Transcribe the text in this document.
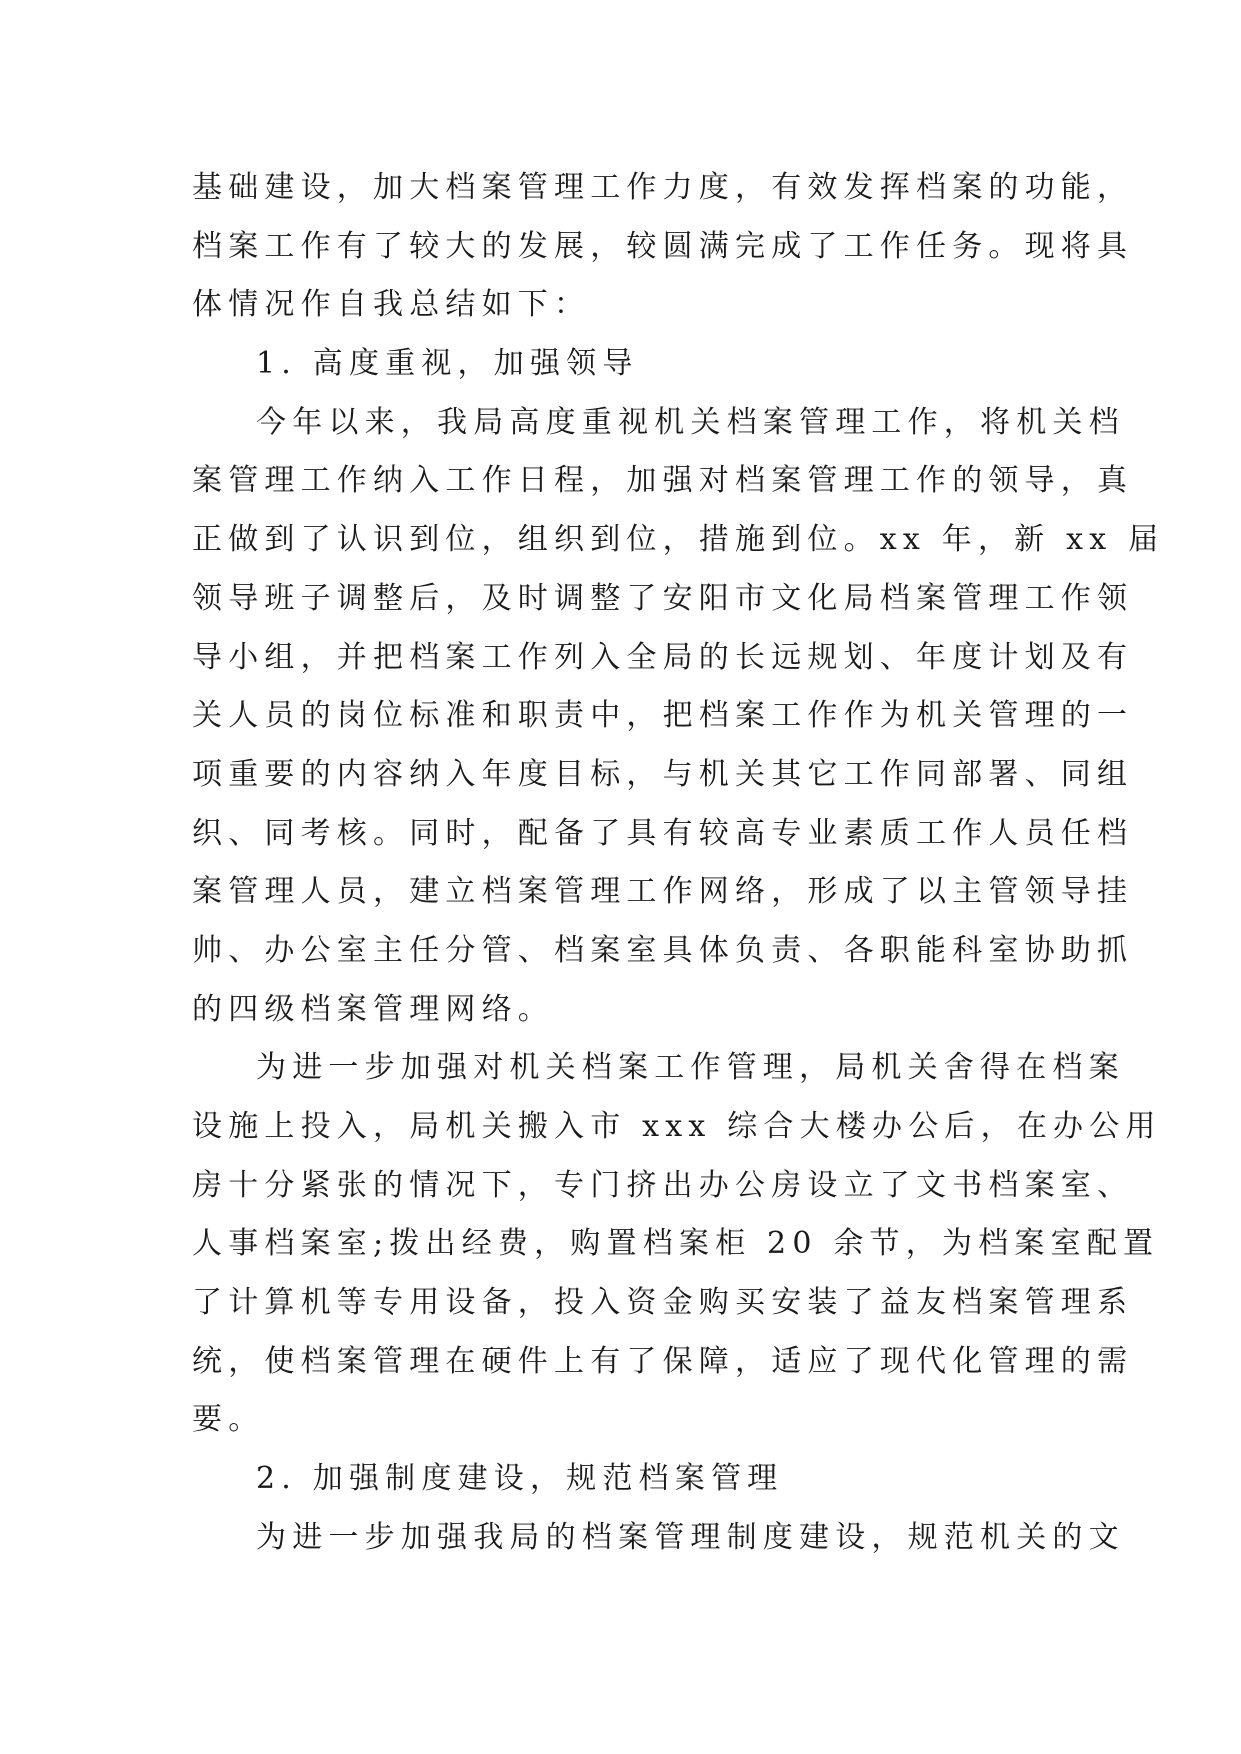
基础建设，加大档案管理工作力度，有效发挥档案的功能，
档案工作有了较大的发展，较圆满完成了工作任务。现将具
体情况作自我总结如下：
1. 高度重视，加强领导
今年以来，我局高度重视机关档案管理工作，将机关档
案管理工作纳入工作日程，加强对档案管理工作的领导，真
正做到了认识到位，组织到位，措施到位。xx 年，新 xx 届
领导班子调整后，及时调整了安阳市文化局档案管理工作领
导小组，并把档案工作列入全局的长远规划、年度计划及有
关人员的岗位标准和职责中，把档案工作作为机关管理的一
项重要的内容纳入年度目标，与机关其它工作同部署、同组
织、同考核。同时，配备了具有较高专业素质工作人员任档
案管理人员，建立档案管理工作网络，形成了以主管领导挂
帅、办公室主任分管、档案室具体负责、各职能科室协助抓
的四级档案管理网络。
为进一步加强对机关档案工作管理，局机关舍得在档案
设施上投入，局机关搬入市 xxx 综合大楼办公后，在办公用
房十分紧张的情况下，专门挤出办公房设立了文书档案室、
人事档案室;拨出经费，购置档案柜 20 余节，为档案室配置
了计算机等专用设备，投入资金购买安装了益友档案管理系
统，使档案管理在硬件上有了保障，适应了现代化管理的需
要。
2. 加强制度建设，规范档案管理
为进一步加强我局的档案管理制度建设，规范机关的文
